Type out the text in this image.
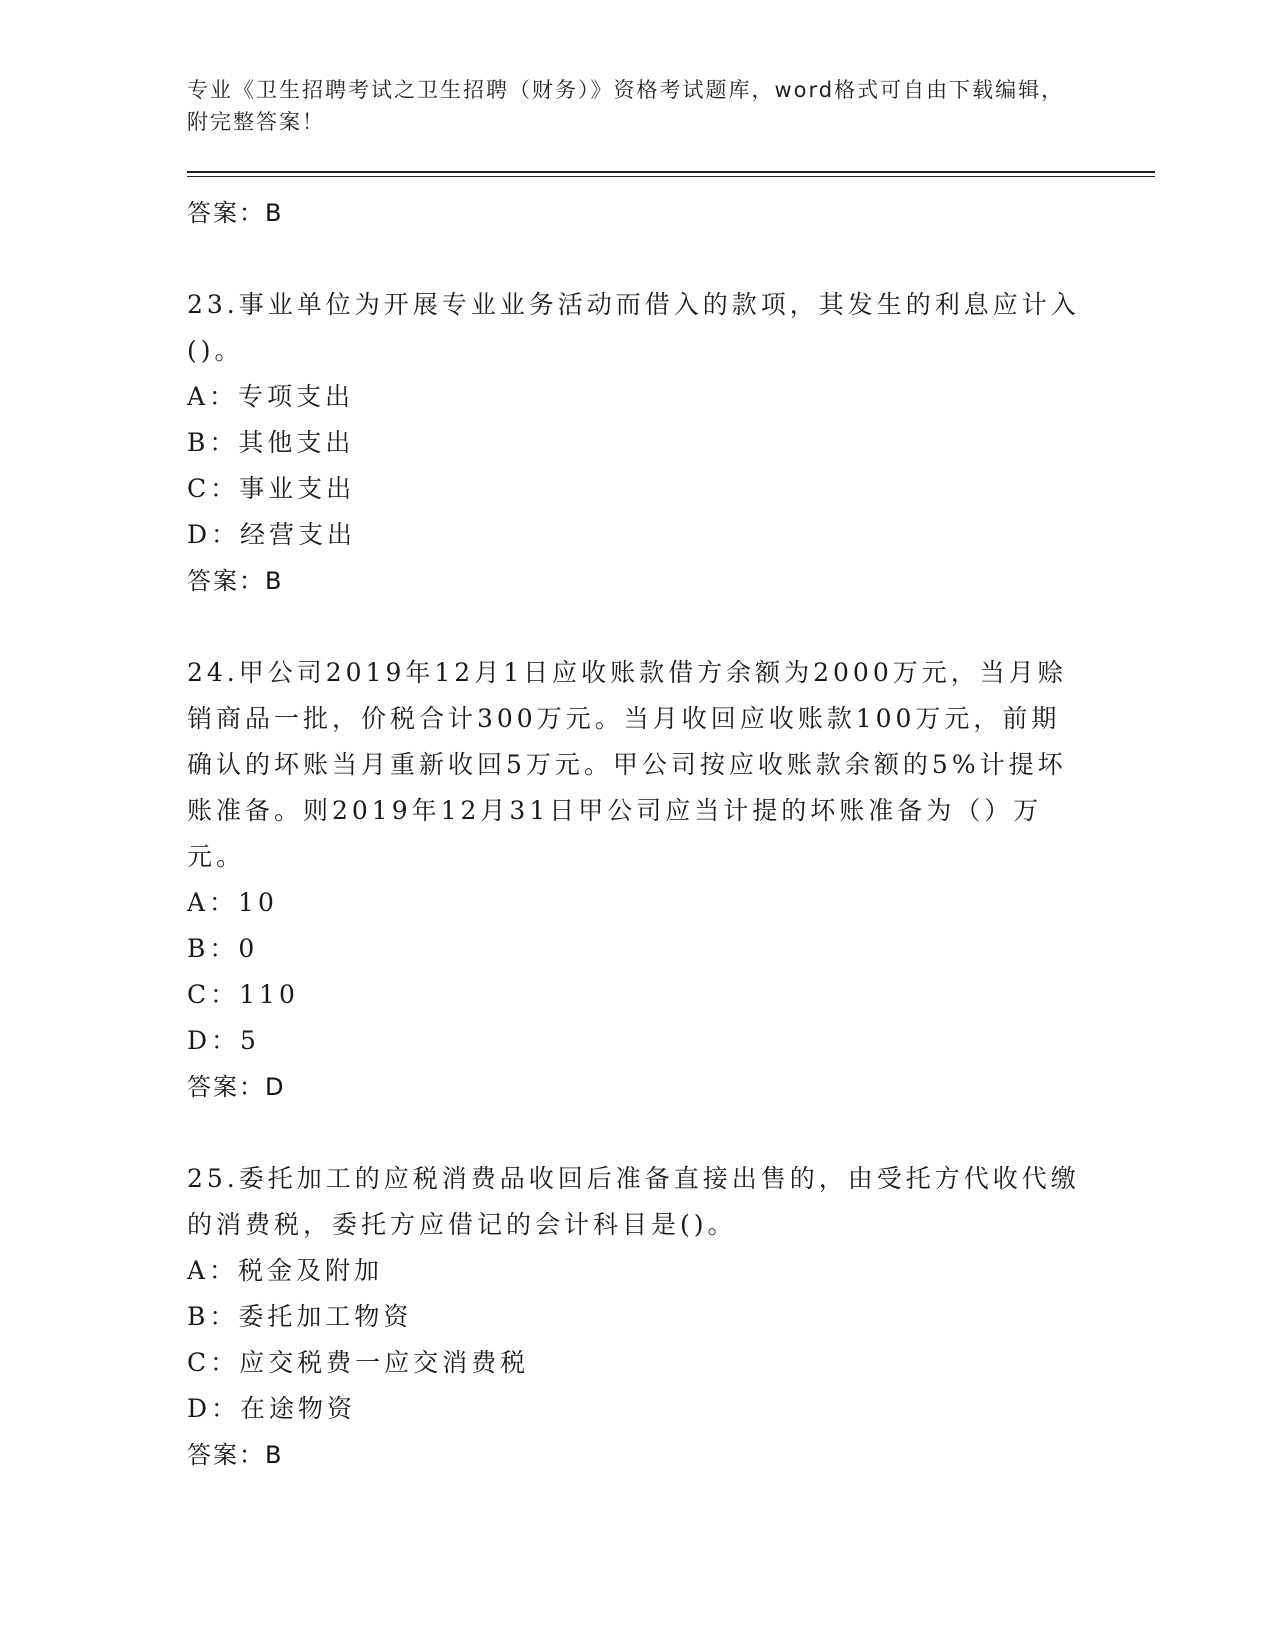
专业《卫生招聘考试之卫生招聘（财务）》资格考试题库，word格式可自由下载编辑，附完整答案！
答案：B
23.事业单位为开展专业业务活动而借入的款项，其发生的利息应计入()。
A：专项支出
B：其他支出
C：事业支出
D：经营支出
答案：B
24.甲公司2019年12月1日应收账款借方余额为2000万元，当月赊销商品一批，价税合计300万元。当月收回应收账款100万元，前期确认的坏账当月重新收回5万元。甲公司按应收账款余额的5%计提坏账准备。则2019年12月31日甲公司应当计提的坏账准备为（）万元。
A：10
B：0
C：110
D：5
答案：D
25.委托加工的应税消费品收回后准备直接出售的，由受托方代收代缴的消费税，委托方应借记的会计科目是()。
A：税金及附加
B：委托加工物资
C：应交税费一应交消费税
D：在途物资
答案：B
